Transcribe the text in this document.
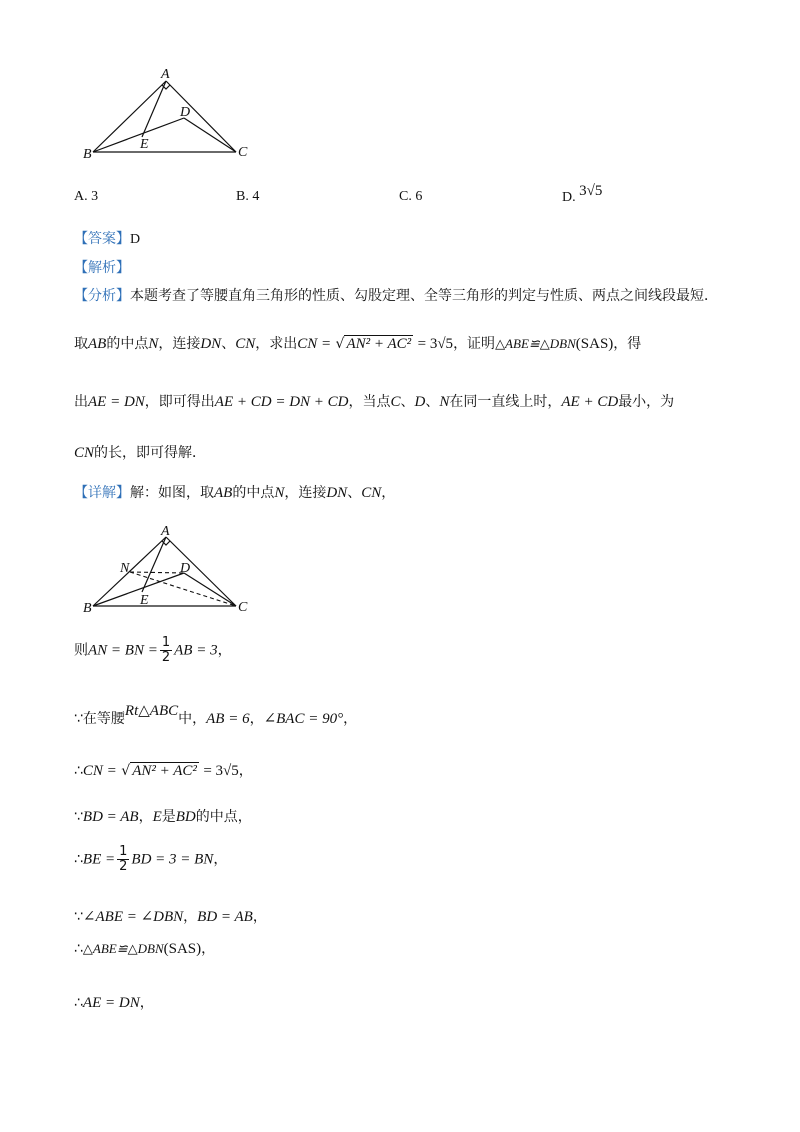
A
B	C
D
E
A. 3	B. 4	C. 6	D. 3√5
【答案】D
【解析】
【分析】本题考查了等腰直角三角形的性质、勾股定理、全等三角形的判定与性质、两点之间线段最短．
取AB的中点N，连接DN、CN，求出CN = √ AN² + AC² = 3√5，证明△ABE≌△DBN(SAS)，得
出AE = DN，即可得出AE + CD = DN + CD，当点C、D、N在同一直线上时，AE + CD最小，为
CN的长，即可得解．
【详解】解：如图，取AB的中点N，连接DN、CN，
A
B	C
D
E
N
则AN = BN = $\frac{1}{2}$ AB = 3，
∵在等腰Rt△ABC中，AB = 6，∠BAC = 90°，
∴CN = √ AN² + AC² = 3√5，
∵BD = AB，E是BD的中点，
∴BE = $\frac{1}{2}$ BD = 3 = BN，
∵∠ABE = ∠DBN，BD = AB，
∴△ABE≌△DBN(SAS)，
∴AE = DN，
